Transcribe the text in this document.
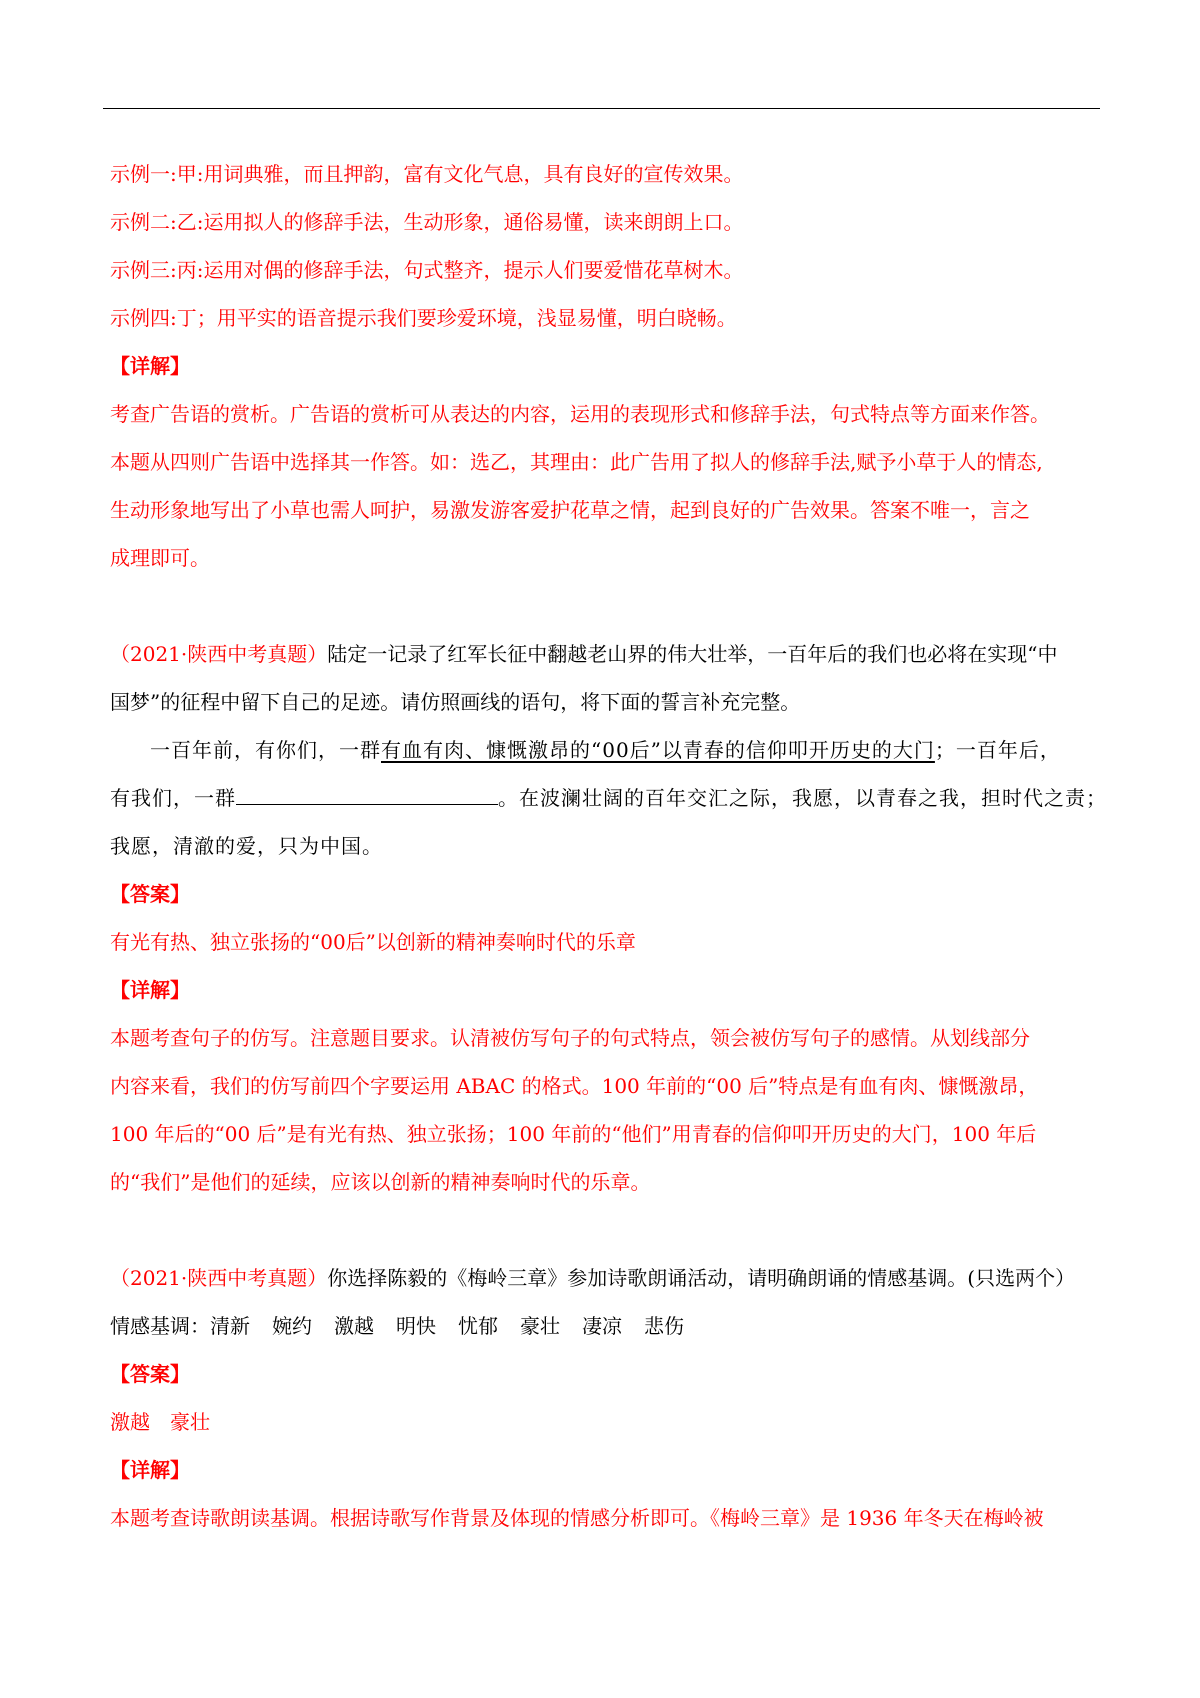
示例一:甲:用词典雅，而且押韵，富有文化气息，具有良好的宣传效果。
示例二:乙:运用拟人的修辞手法，生动形象，通俗易懂，读来朗朗上口。
示例三:丙:运用对偶的修辞手法，句式整齐，提示人们要爱惜花草树木。
示例四:丁；用平实的语音提示我们要珍爱环境，浅显易懂，明白晓畅。
【详解】
考查广告语的赏析。广告语的赏析可从表达的内容，运用的表现形式和修辞手法，句式特点等方面来作答。
本题从四则广告语中选择其一作答。如：选乙，其理由：此广告用了拟人的修辞手法,赋予小草于人的情态,
生动形象地写出了小草也需人呵护，易激发游客爱护花草之情，起到良好的广告效果。答案不唯一，言之
成理即可。
（2021·陕西中考真题）陆定一记录了红军长征中翻越老山界的伟大壮举，一百年后的我们也必将在实现“中
国梦”的征程中留下自己的足迹。请仿照画线的语句，将下面的誓言补充完整。
一百年前，有你们，一群有血有肉、慷慨激昂的“00后”以青春的信仰叩开历史的大门；一百年后，
有我们，一群	。在波澜壮阔的百年交汇之际，我愿，以青春之我，担时代之责；
我愿，清澈的爱，只为中国。
【答案】
有光有热、独立张扬的“00后”以创新的精神奏响时代的乐章
【详解】
本题考查句子的仿写。注意题目要求。认清被仿写句子的句式特点，领会被仿写句子的感情。从划线部分
内容来看，我们的仿写前四个字要运用 ABAC 的格式。100 年前的“00 后”特点是有血有肉、慷慨激昂，
100 年后的“00 后”是有光有热、独立张扬；100 年前的“他们”用青春的信仰叩开历史的大门，100 年后
的“我们”是他们的延续，应该以创新的精神奏响时代的乐章。
（2021·陕西中考真题）你选择陈毅的《梅岭三章》参加诗歌朗诵活动，请明确朗诵的情感基调。(只选两个）
情感基调：清新 婉约 激越 明快 忧郁 豪壮 凄凉 悲伤
【答案】
激越　豪壮
【详解】
本题考查诗歌朗读基调。根据诗歌写作背景及体现的情感分析即可。《梅岭三章》是 1936 年冬天在梅岭被
